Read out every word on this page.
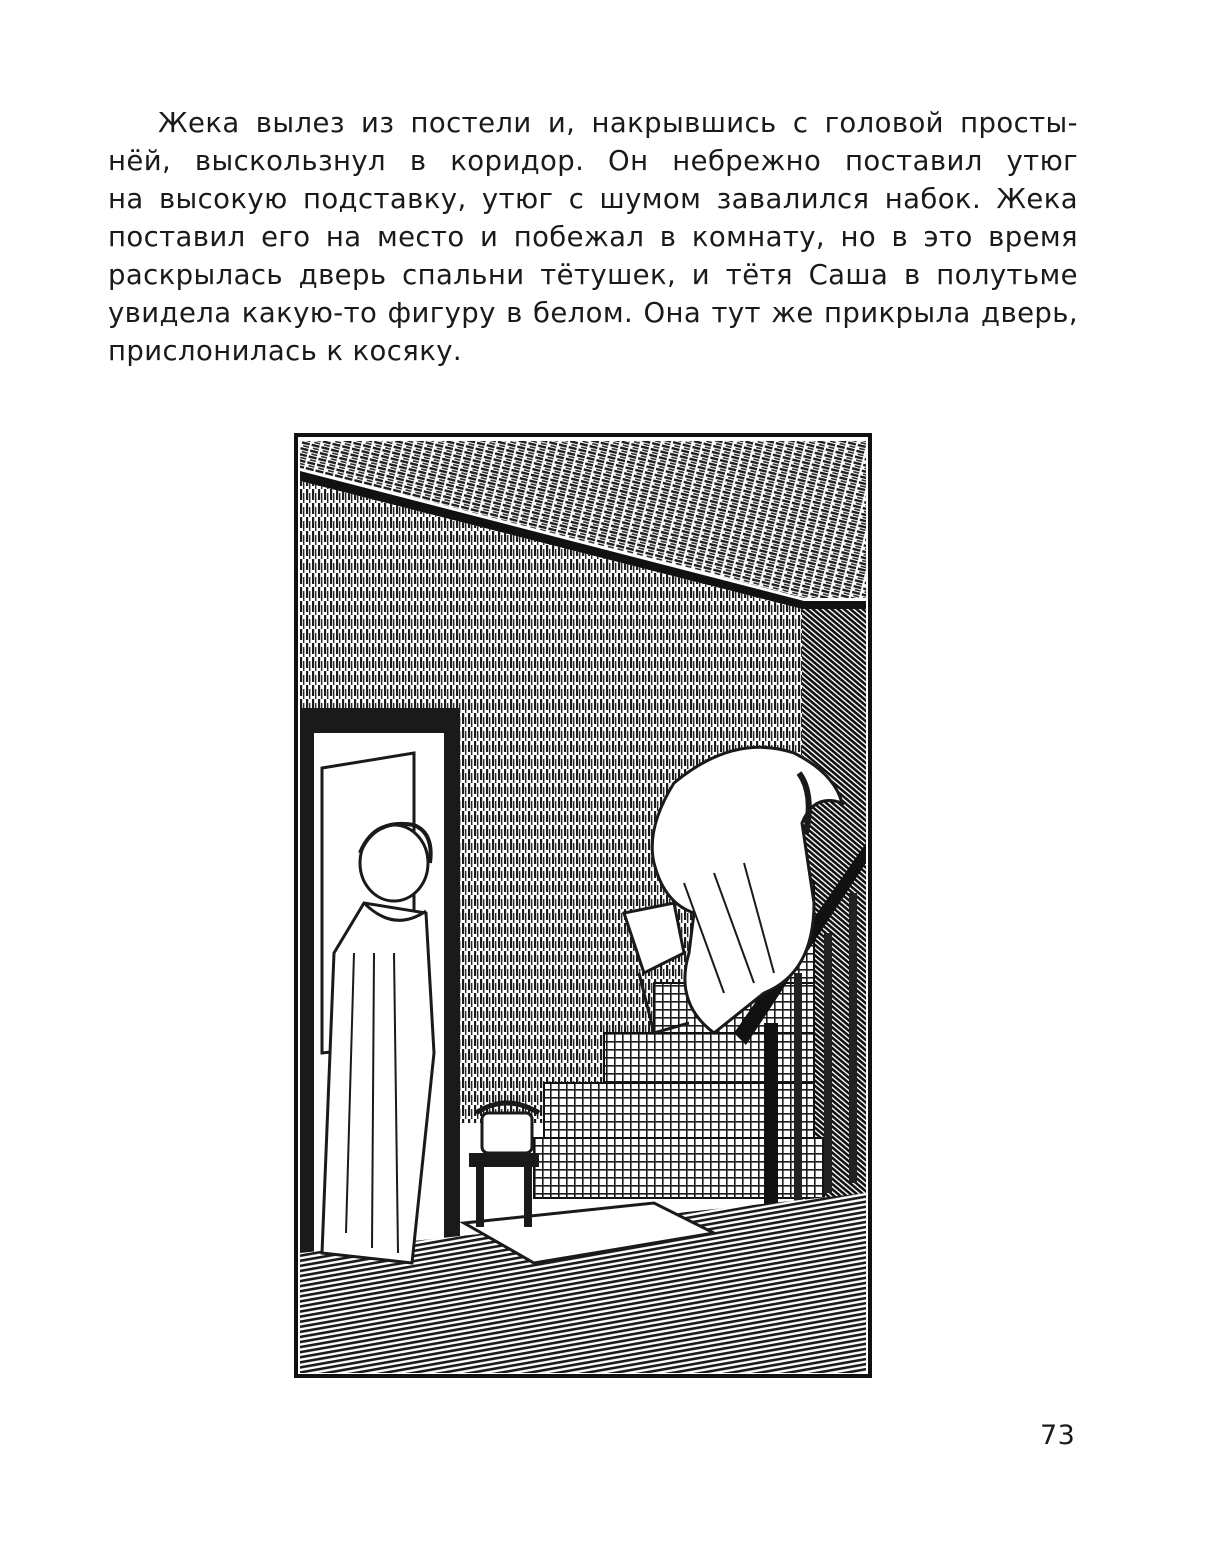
Жека вылез из постели и, накрывшись с головой просты-
нёй, выскользнул в коридор. Он небрежно поставил утюг
на высокую подставку, утюг с шумом завалился набок. Жека
поставил его на место и побежал в комнату, но в это время
раскрылась дверь спальни тётушек, и тётя Саша в полутьме
увидела какую-то фигуру в белом. Она тут же прикрыла дверь,
прислонилась к косяку.
73
